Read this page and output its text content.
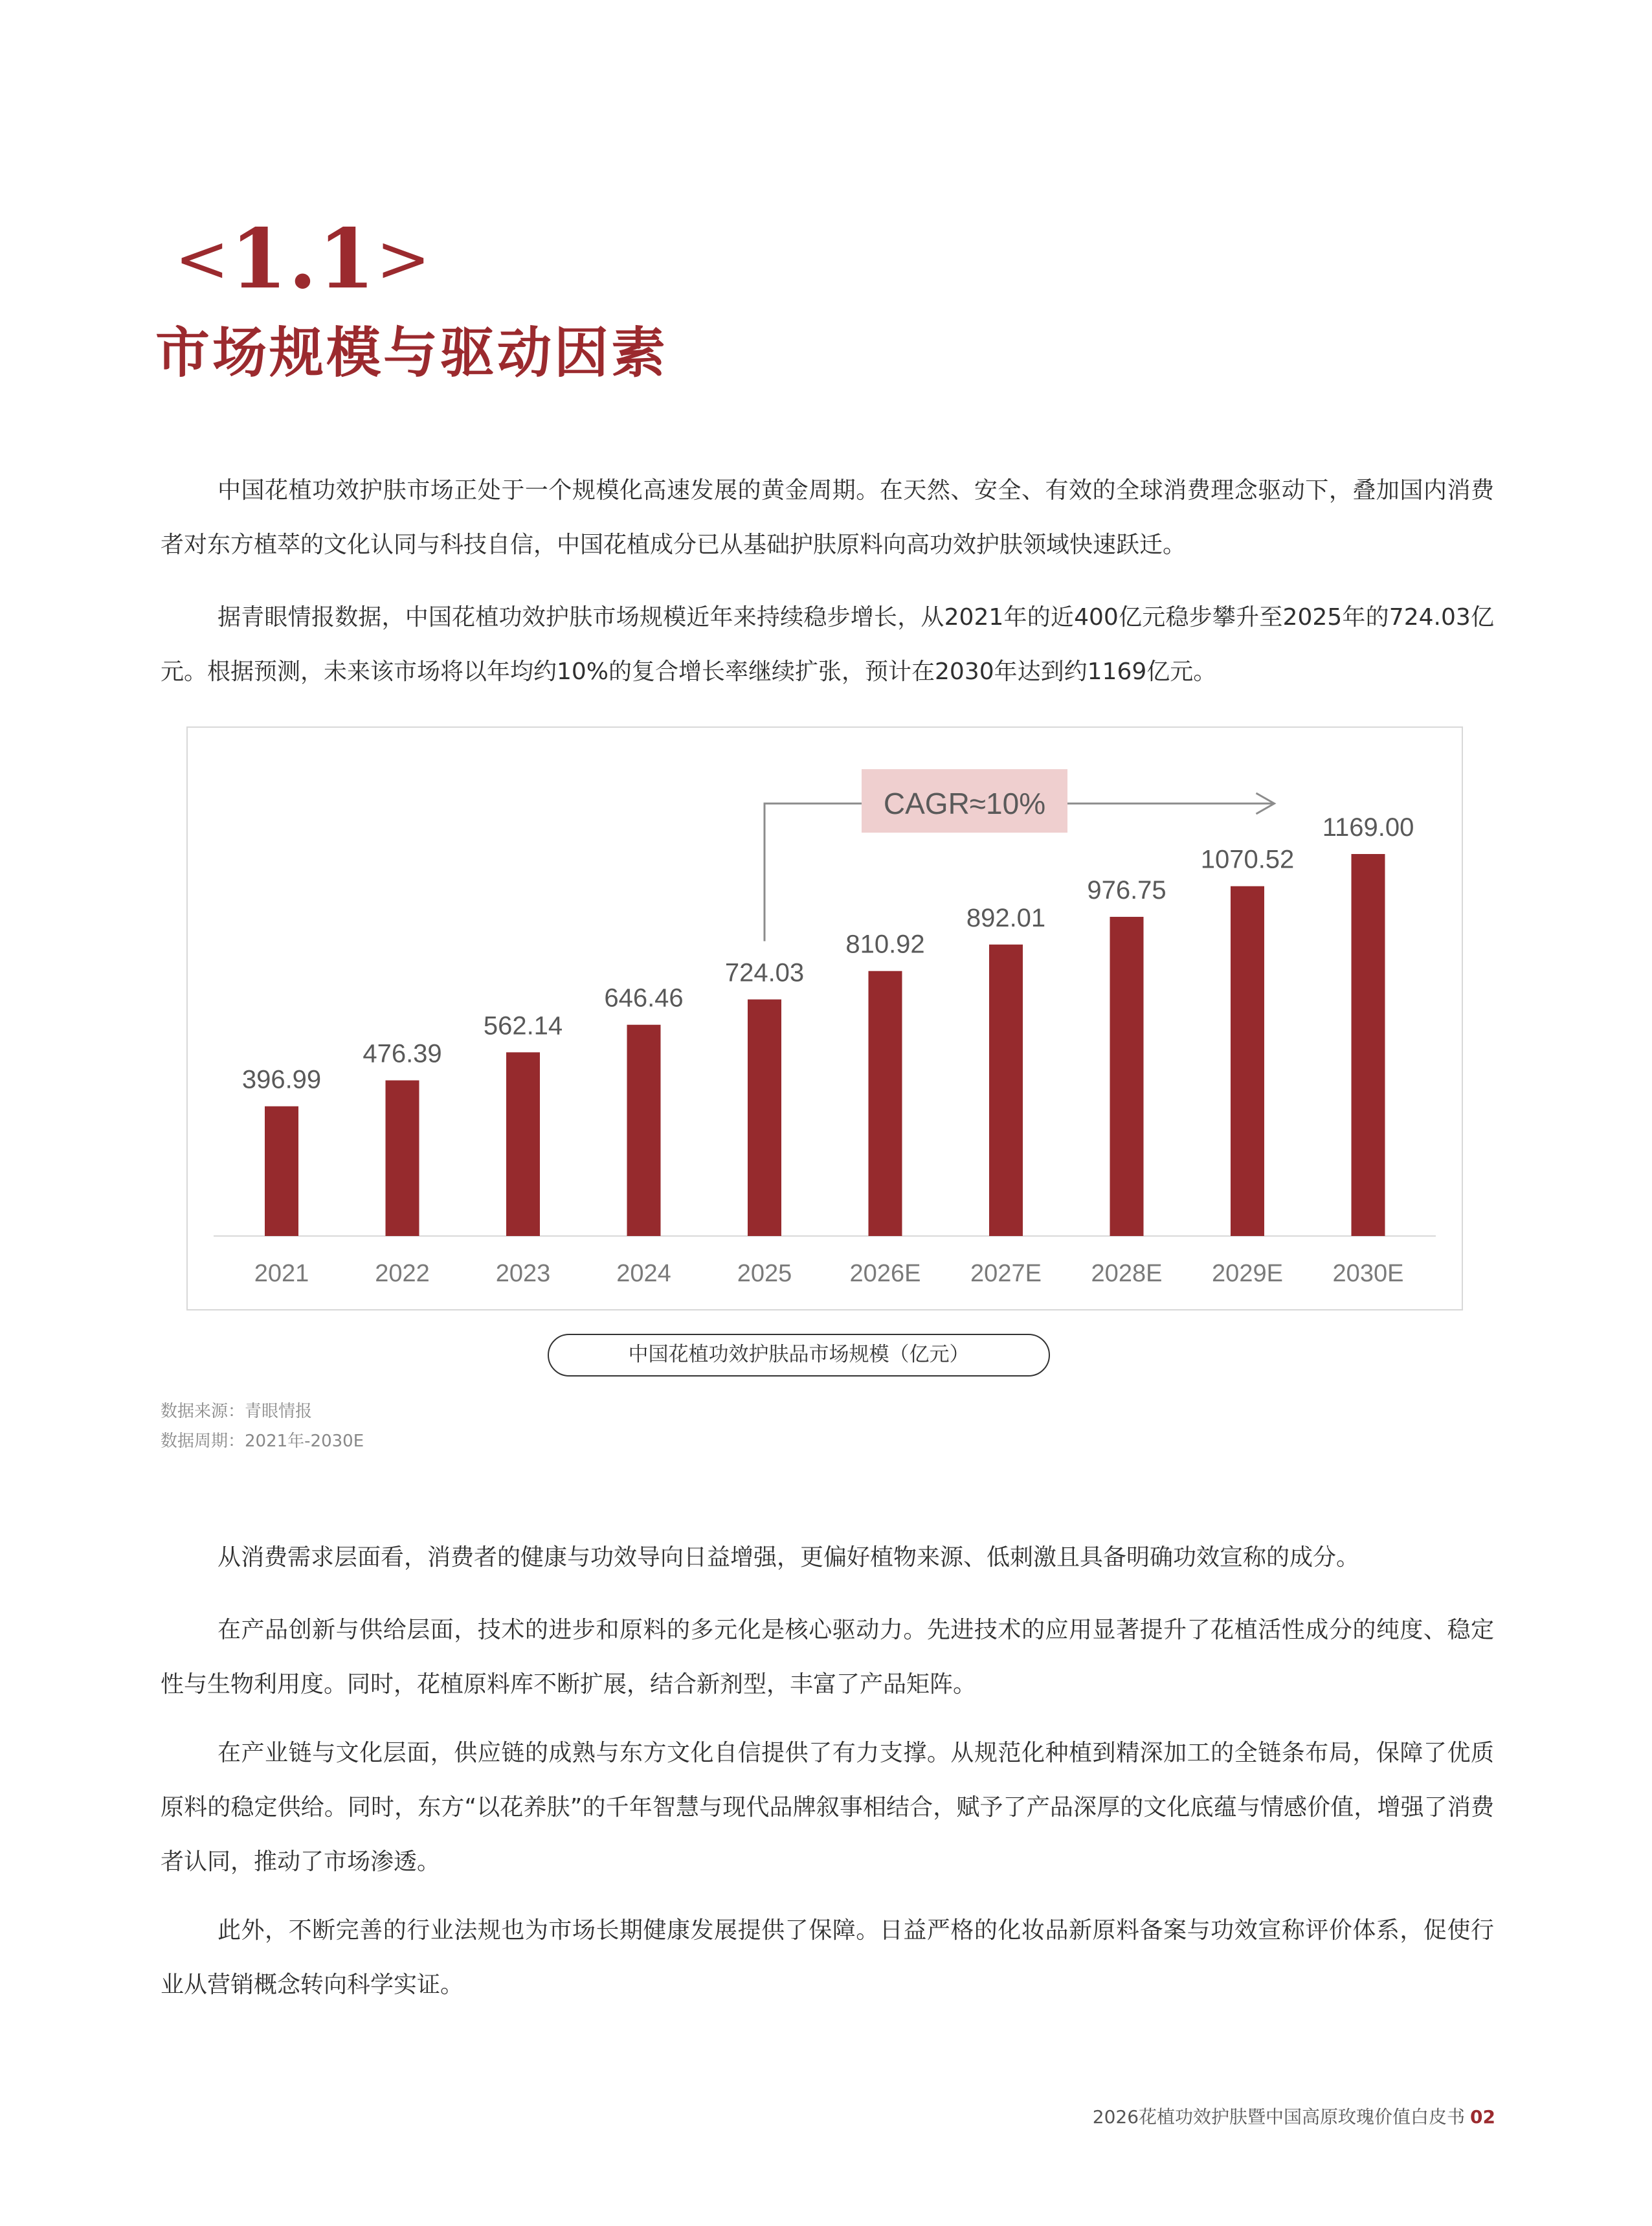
<1.1>
市场规模与驱动因素

中国花植功效护肤市场正处于一个规模化高速发展的黄金周期。在天然、安全、有效的全球消费理念驱动下，叠加国内消费者对东方植萃的文化认同与科技自信，中国花植成分已从基础护肤原料向高功效护肤领域快速跃迁。

据青眼情报数据，中国花植功效护肤市场规模近年来持续稳步增长，从2021年的近400亿元稳步攀升至2025年的724.03亿元。根据预测，未来该市场将以年均约10%的复合增长率继续扩张，预计在2030年达到约1169亿元。

396.99
2021
476.39
2022
562.14
2023
646.46
2024
724.03
2025
810.92
2026E
892.01
2027E
976.75
2028E
1070.52
2029E
1169.00
2030E
CAGR≈10%
中国花植功效护肤品市场规模（亿元）
数据来源：青眼情报
数据周期：2021年-2030E

从消费需求层面看，消费者的健康与功效导向日益增强，更偏好植物来源、低刺激且具备明确功效宣称的成分。

在产品创新与供给层面，技术的进步和原料的多元化是核心驱动力。先进技术的应用显著提升了花植活性成分的纯度、稳定性与生物利用度。同时，花植原料库不断扩展，结合新剂型，丰富了产品矩阵。

在产业链与文化层面，供应链的成熟与东方文化自信提供了有力支撑。从规范化种植到精深加工的全链条布局，保障了优质原料的稳定供给。同时，东方“以花养肤”的千年智慧与现代品牌叙事相结合，赋予了产品深厚的文化底蕴与情感价值，增强了消费者认同，推动了市场渗透。

此外，不断完善的行业法规也为市场长期健康发展提供了保障。日益严格的化妆品新原料备案与功效宣称评价体系，促使行业从营销概念转向科学实证。

2026花植功效护肤暨中国高原玫瑰价值白皮书 02
